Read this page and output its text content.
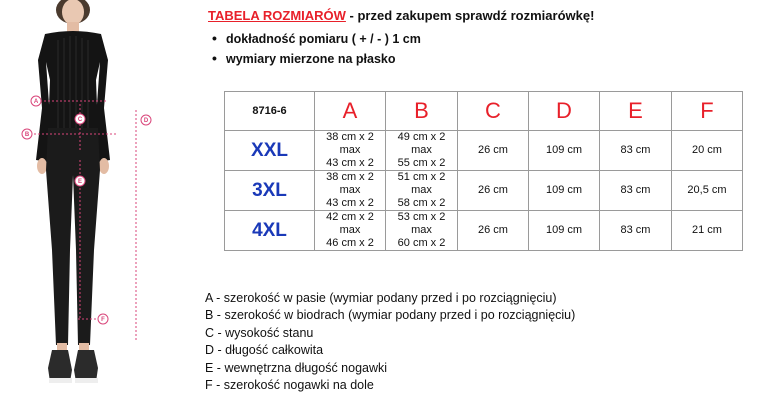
A
B
C	D
E
F
TABELA ROZMIARÓW - przed zakupem sprawdź rozmiarówkę!
• dokładność pomiaru ( + / - ) 1 cm
• wymiary mierzone na płasko
8716-6	A	B	C	D	E	F
XXL	38 cm x 2
max
43 cm x 2	49 cm x 2
max
55 cm x 2	26 cm	109 cm	83 cm	20 cm
3XL	38 cm x 2
max
43 cm x 2	51 cm x 2
max
58 cm x 2	26 cm	109 cm	83 cm	20,5 cm
4XL	42 cm x 2
max
46 cm x 2	53 cm x 2
max
60 cm x 2	26 cm	109 cm	83 cm	21 cm
A - szerokość w pasie (wymiar podany przed i po rozciągnięciu)
B - szerokość w biodrach (wymiar podany przed i po rozciągnięciu)
C - wysokość stanu
D - długość całkowita
E - wewnętrzna długość nogawki
F - szerokość nogawki na dole
